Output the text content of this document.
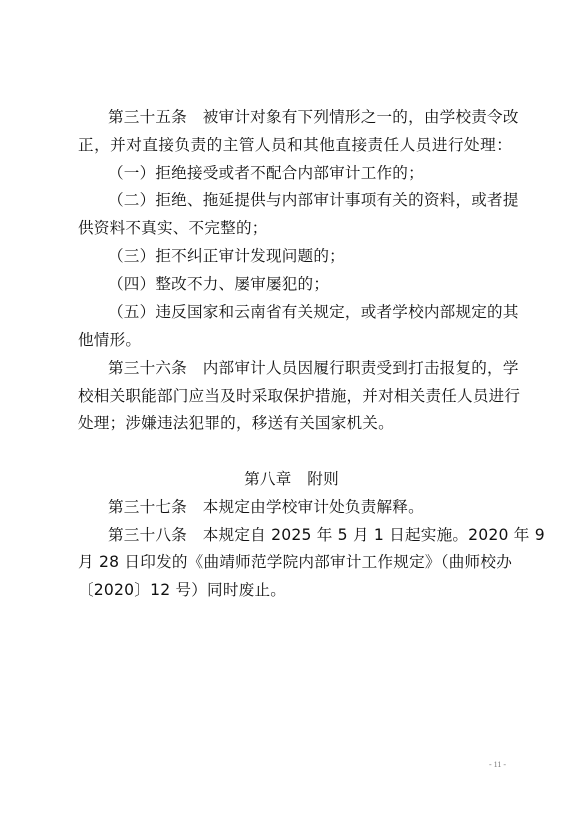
第三十五条　被审计对象有下列情形之一的，由学校责令改
正，并对直接负责的主管人员和其他直接责任人员进行处理：
（一）拒绝接受或者不配合内部审计工作的；
（二）拒绝、拖延提供与内部审计事项有关的资料，或者提
供资料不真实、不完整的；
（三）拒不纠正审计发现问题的；
（四）整改不力、屡审屡犯的；
（五）违反国家和云南省有关规定，或者学校内部规定的其
他情形。
第三十六条　内部审计人员因履行职责受到打击报复的，学
校相关职能部门应当及时采取保护措施，并对相关责任人员进行
处理；涉嫌违法犯罪的，移送有关国家机关。
第八章　附则
第三十七条　本规定由学校审计处负责解释。
第三十八条　本规定自 2025 年 5 月 1 日起实施。2020 年 9
月 28 日印发的《曲靖师范学院内部审计工作规定》（曲师校办
〔2020〕12 号）同时废止。
- 11 -
